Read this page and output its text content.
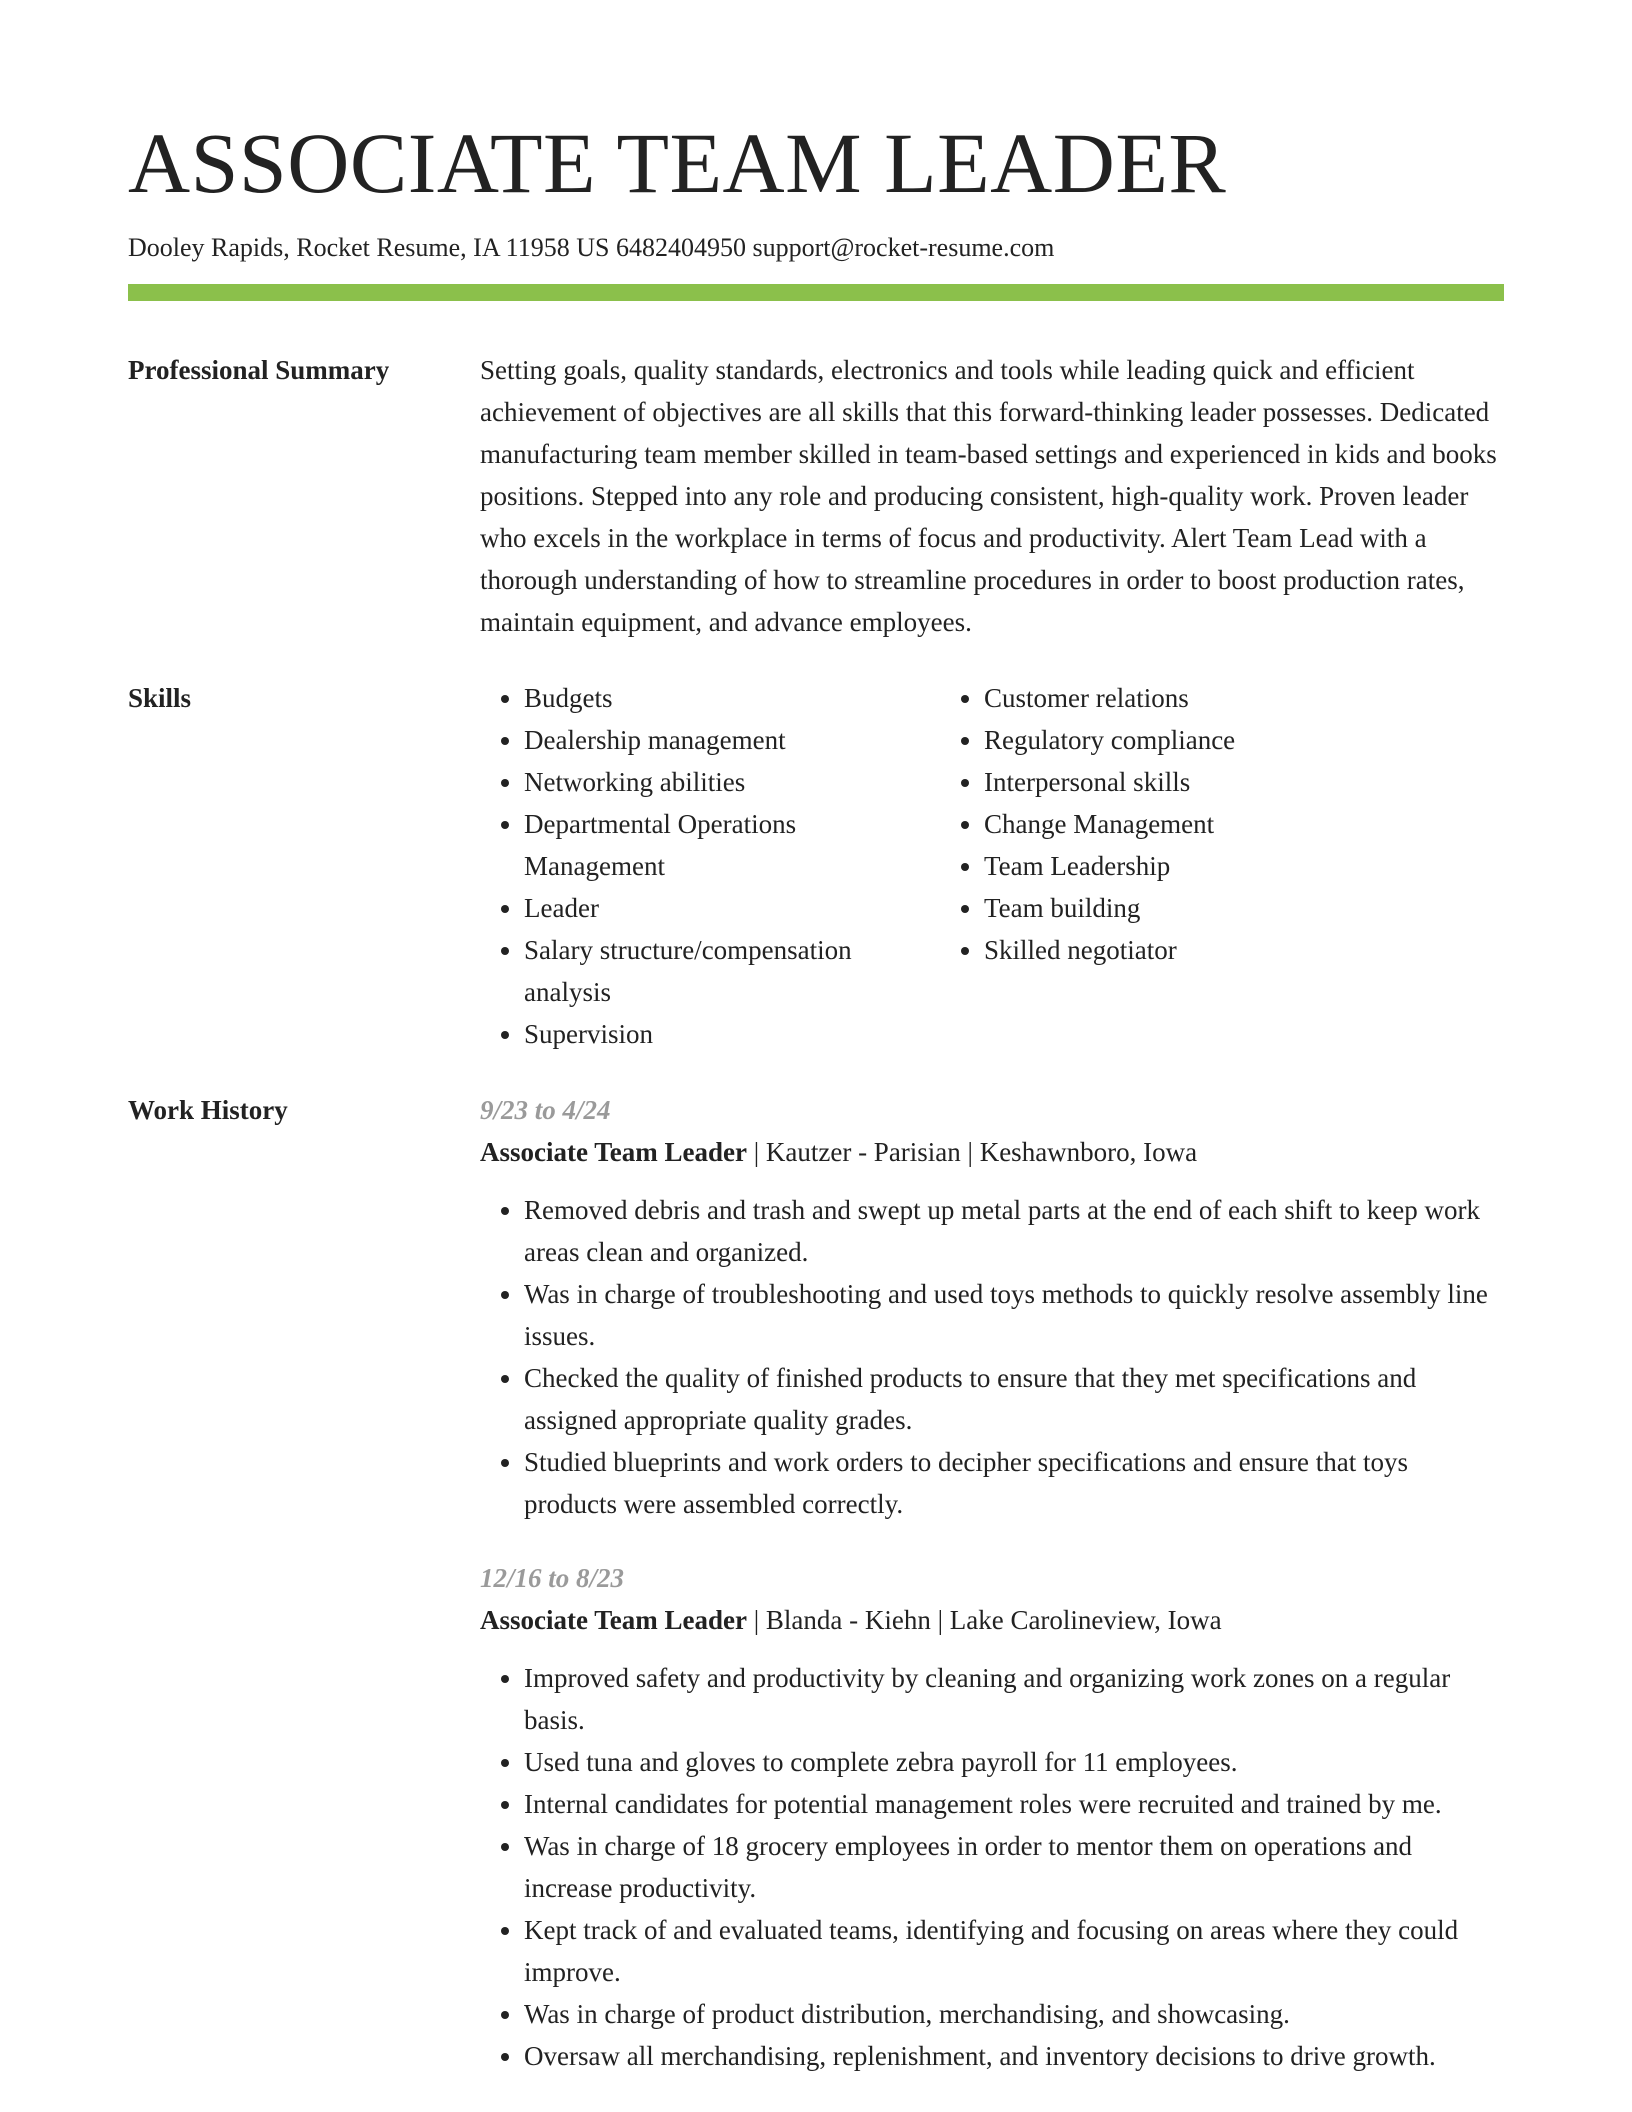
ASSOCIATE TEAM LEADER
Dooley Rapids, Rocket Resume, IA 11958 US 6482404950 support@rocket-resume.com
Professional Summary	Setting goals, quality standards, electronics and tools while leading quick and efficient achievement of objectives are all skills that this forward-thinking leader possesses. Dedicated manufacturing team member skilled in team-based settings and experienced in kids and books positions. Stepped into any role and producing consistent, high-quality work. Proven leader who excels in the workplace in terms of focus and productivity. Alert Team Lead with a thorough understanding of how to streamline procedures in order to boost production rates, maintain equipment, and advance employees.

Skills
•	Budgets
• Dealership management
• Networking abilities
• Departmental Operations Management
• Leader
• Salary structure/compensation analysis
• Supervision
• Customer relations
• Regulatory compliance
• Interpersonal skills
• Change Management
• Team Leadership
• Team building
• Skilled negotiator
Work History	9/23 to 4/24
Associate Team Leader | Kautzer - Parisian | Keshawnboro, Iowa
• Removed debris and trash and swept up metal parts at the end of each shift to keep work areas clean and organized.
• Was in charge of troubleshooting and used toys methods to quickly resolve assembly line issues.
• Checked the quality of finished products to ensure that they met specifications and assigned appropriate quality grades.
• Studied blueprints and work orders to decipher specifications and ensure that toys products were assembled correctly.
12/16 to 8/23
Associate Team Leader | Blanda - Kiehn | Lake Carolineview, Iowa
• Improved safety and productivity by cleaning and organizing work zones on a regular basis.
• Used tuna and gloves to complete zebra payroll for 11 employees.
• Internal candidates for potential management roles were recruited and trained by me.
• Was in charge of 18 grocery employees in order to mentor them on operations and increase productivity.
• Kept track of and evaluated teams, identifying and focusing on areas where they could improve.
• Was in charge of product distribution, merchandising, and showcasing.
• Oversaw all merchandising, replenishment, and inventory decisions to drive growth.
